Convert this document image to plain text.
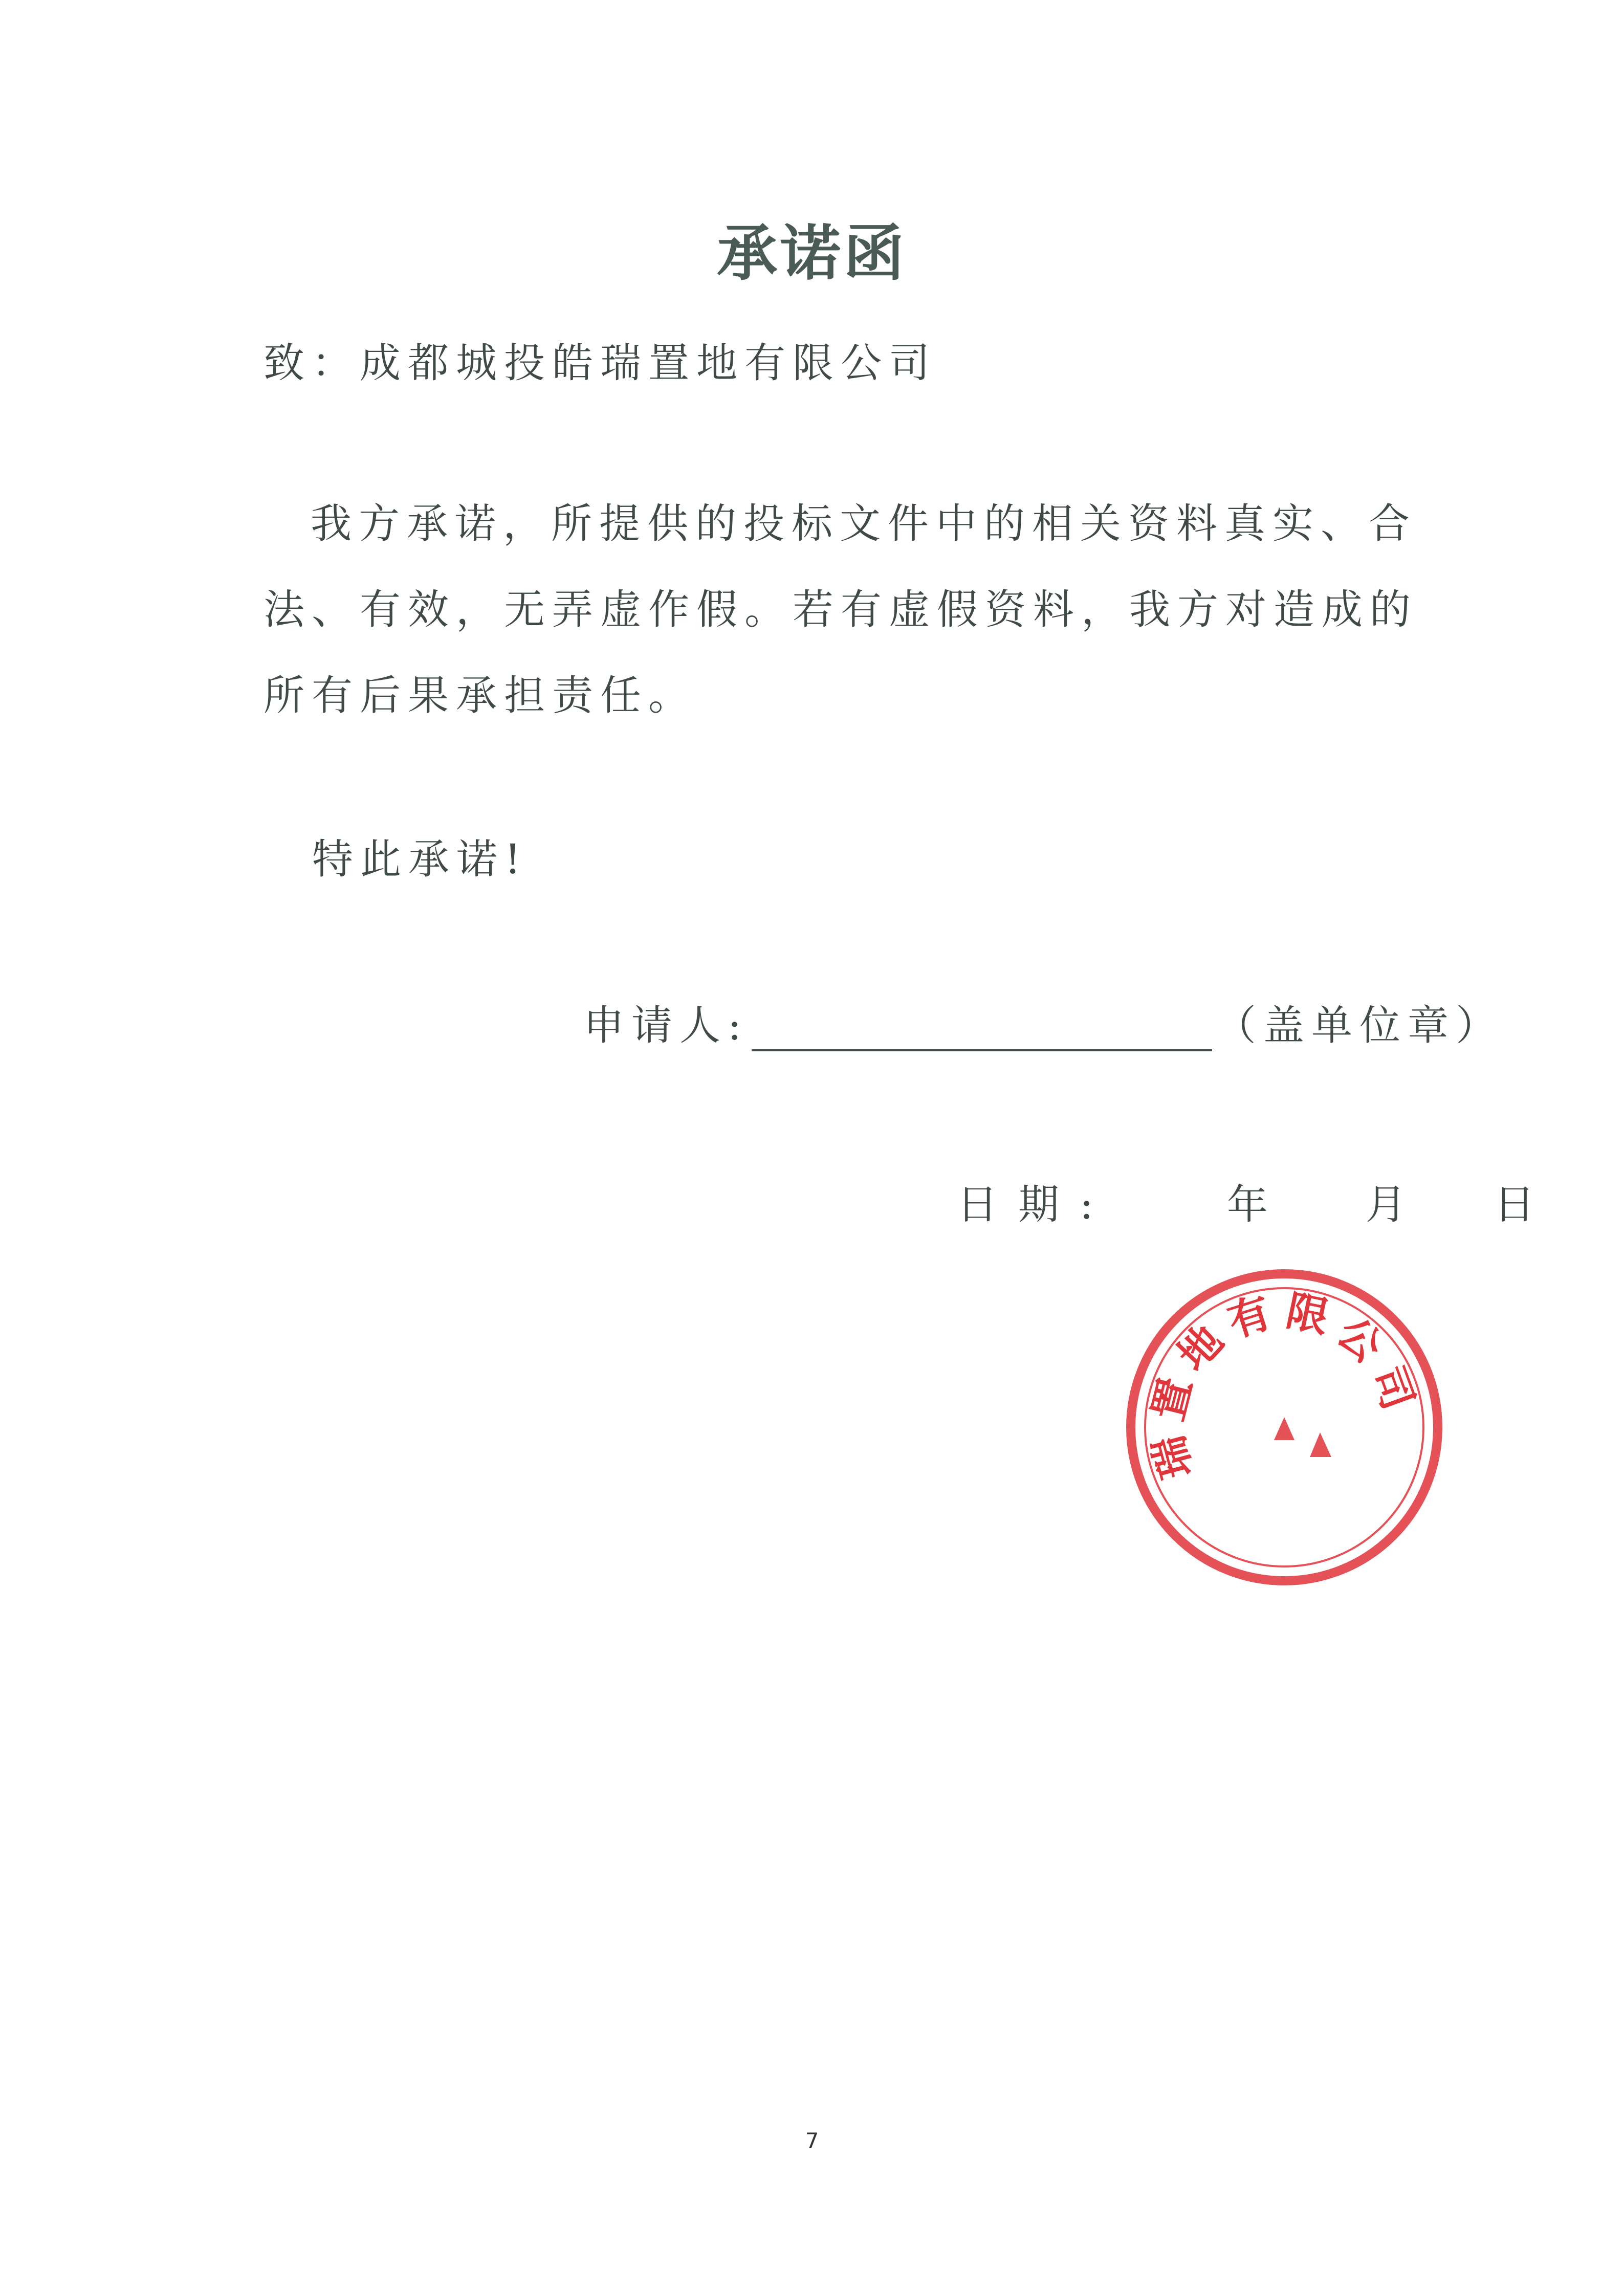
承诺函
致：成都城投皓瑞置地有限公司

我方承诺，所提供的投标文件中的相关资料真实、合法、有效，无弄虚作假。若有虚假资料，我方对造成的所有后果承担责任。

特此承诺!
申请人:	（盖单位章）
日期:	年 月 日
瑞
置
地
有 限
公
司
7
